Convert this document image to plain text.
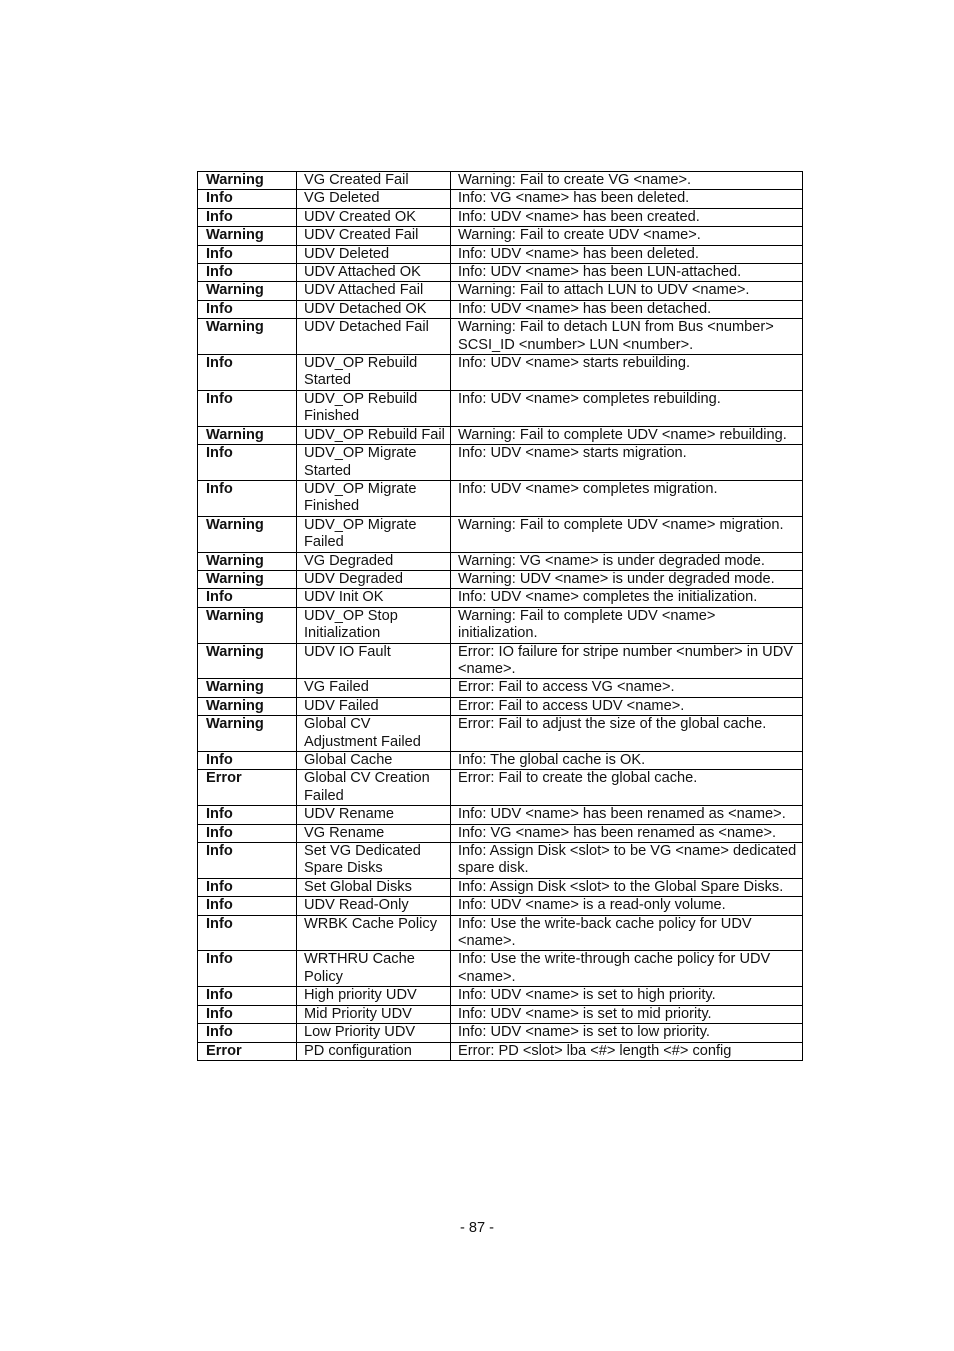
Warning	VG Created Fail	Warning: Fail to create VG <name>.
Info	VG Deleted	Info: VG <name> has been deleted.
Info	UDV Created OK	Info: UDV <name> has been created.
Warning	UDV Created Fail	Warning: Fail to create UDV <name>.
Info	UDV Deleted	Info: UDV <name> has been deleted.
Info	UDV Attached OK	Info: UDV <name> has been LUN-attached.
Warning	UDV Attached Fail	Warning: Fail to attach LUN to UDV <name>.
Info	UDV Detached OK	Info: UDV <name> has been detached.
Warning	UDV Detached Fail	Warning: Fail to detach LUN from Bus <number> SCSI_ID <number> LUN <number>.
Info	UDV_OP Rebuild Started	Info: UDV <name> starts rebuilding.
Info	UDV_OP Rebuild Finished	Info: UDV <name> completes rebuilding.
Warning	UDV_OP Rebuild Fail	Warning: Fail to complete UDV <name> rebuilding.
Info	UDV_OP Migrate Started	Info: UDV <name> starts migration.
Info	UDV_OP Migrate Finished	Info: UDV <name> completes migration.
Warning	UDV_OP Migrate Failed	Warning: Fail to complete UDV <name> migration.
Warning	VG Degraded	Warning: VG <name> is under degraded mode.
Warning	UDV Degraded	Warning: UDV <name> is under degraded mode.
Info	UDV Init OK	Info: UDV <name> completes the initialization.
Warning	UDV_OP Stop Initialization	Warning: Fail to complete UDV <name> initialization.
Warning	UDV IO Fault	Error: IO failure for stripe number <number> in UDV <name>.
Warning	VG Failed	Error: Fail to access VG <name>.
Warning	UDV Failed	Error: Fail to access UDV <name>.
Warning	Global CV Adjustment Failed	Error: Fail to adjust the size of the global cache.
Info	Global Cache	Info: The global cache is OK.
Error	Global CV Creation Failed	Error: Fail to create the global cache.
Info	UDV Rename	Info: UDV <name> has been renamed as <name>.
Info	VG Rename	Info: VG <name> has been renamed as <name>.
Info	Set VG Dedicated Spare Disks	Info: Assign Disk <slot> to be VG <name> dedicated spare disk.
Info	Set Global Disks	Info: Assign Disk <slot> to the Global Spare Disks.
Info	UDV Read-Only	Info: UDV <name> is a read-only volume.
Info	WRBK Cache Policy	Info: Use the write-back cache policy for UDV <name>.
Info	WRTHRU Cache Policy	Info: Use the write-through cache policy for UDV <name>.
Info	High priority UDV	Info: UDV <name> is set to high priority.
Info	Mid Priority UDV	Info: UDV <name> is set to mid priority.
Info	Low Priority UDV	Info: UDV <name> is set to low priority.
Error	PD configuration	Error: PD <slot> lba <#> length <#> config
- 87 -
